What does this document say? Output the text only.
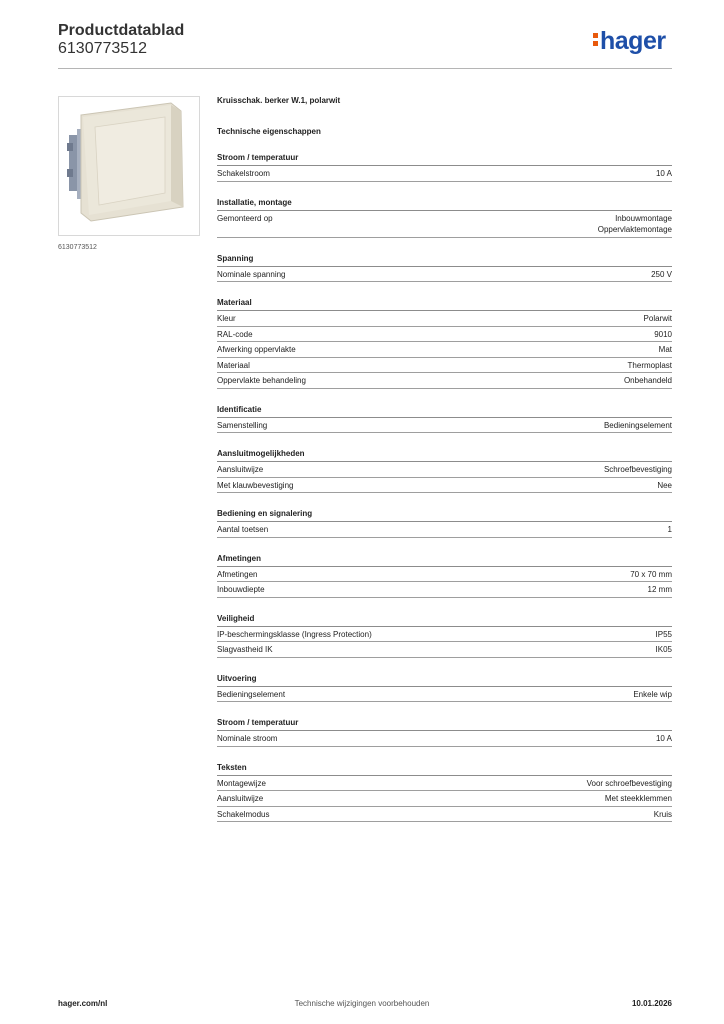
Productdatablad
6130773512	hager
6130773512
Kruisschak. berker W.1, polarwit
Technische eigenschappen
Stroom / temperatuur
Schakelstroom	10 A
Installatie, montage
Gemonteerd op	Inbouwmontage
Oppervlaktemontage
Spanning
Nominale spanning	250 V
Materiaal
Kleur	Polarwit
RAL-code	9010
Afwerking oppervlakte	Mat
Materiaal	Thermoplast
Oppervlakte behandeling	Onbehandeld
Identificatie
Samenstelling	Bedieningselement
Aansluitmogelijkheden
Aansluitwijze	Schroefbevestiging
Met klauwbevestiging	Nee
Bediening en signalering
Aantal toetsen	1
Afmetingen
Afmetingen	70 x 70 mm
Inbouwdiepte	12 mm
Veiligheid
IP-beschermingsklasse (Ingress Protection)	IP55
Slagvastheid IK	IK05
Uitvoering
Bedieningselement	Enkele wip
Stroom / temperatuur
Nominale stroom	10 A
Teksten
Montagewijze	Voor schroefbevestiging
Aansluitwijze	Met steekklemmen
Schakelmodus	Kruis
hager.com/nl	Technische wijzigingen voorbehouden	10.01.2026
